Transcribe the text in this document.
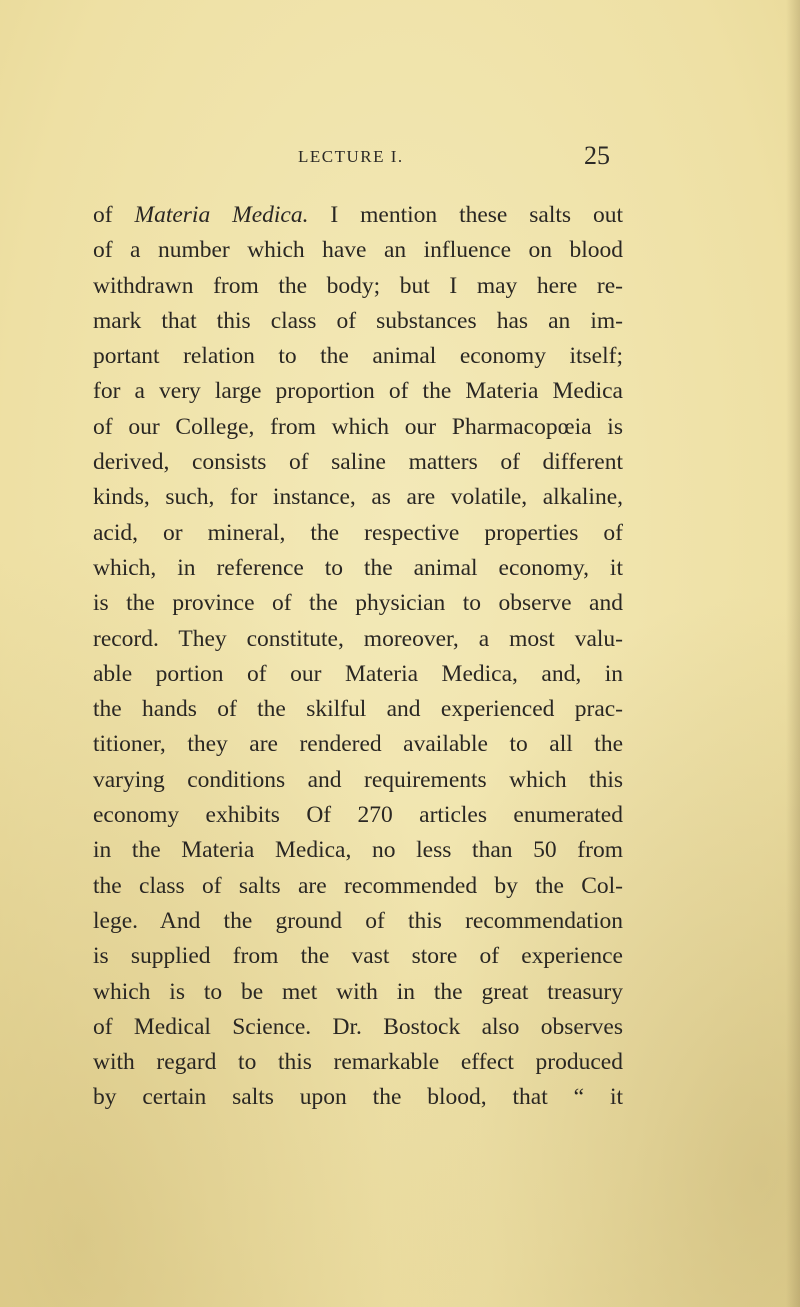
LECTURE I.	25
of Materia Medica. I mention these salts out
of a number which have an influence on blood
withdrawn from the body; but I may here re-
mark that this class of substances has an im-
portant relation to the animal economy itself;
for a very large proportion of the Materia Medica
of our College, from which our Pharmacopœia is
derived, consists of saline matters of different
kinds, such, for instance, as are volatile, alkaline,
acid, or mineral, the respective properties of
which, in reference to the animal economy, it
is the province of the physician to observe and
record. They constitute, moreover, a most valu-
able portion of our Materia Medica, and, in
the hands of the skilful and experienced prac-
titioner, they are rendered available to all the
varying conditions and requirements which this
economy exhibits Of 270 articles enumerated
in the Materia Medica, no less than 50 from
the class of salts are recommended by the Col-
lege. And the ground of this recommendation
is supplied from the vast store of experience
which is to be met with in the great treasury
of Medical Science. Dr. Bostock also observes
with regard to this remarkable effect produced
by certain salts upon the blood, that “ it
